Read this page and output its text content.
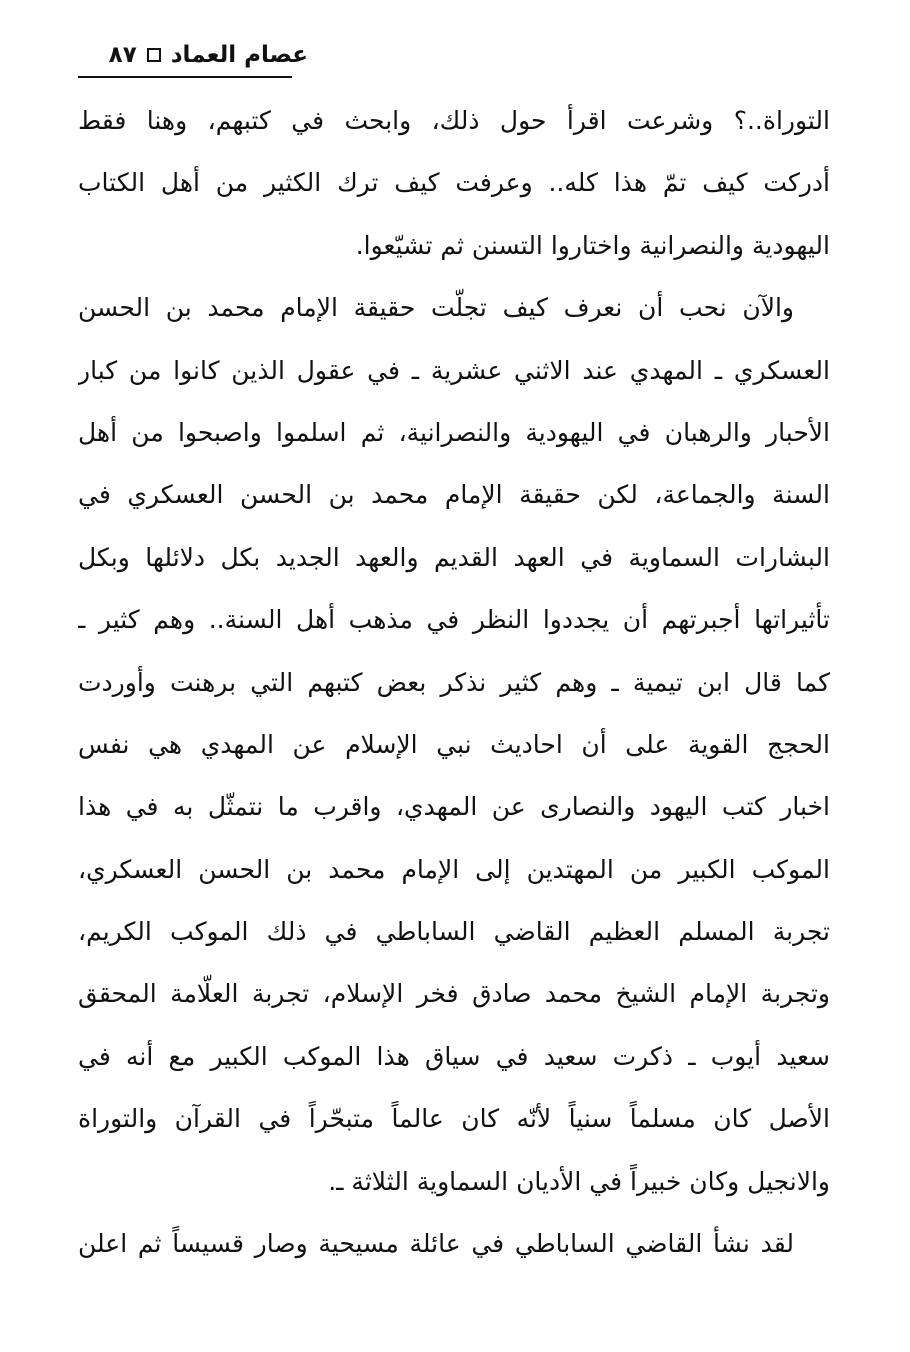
عصام العماد
٨٧
التوراة..؟ وشرعت اقرأ حول ذلك، وابحث في كتبهم، وهنا فقط
أدركت كيف تمّ هذا كله.. وعرفت كيف ترك الكثير من أهل الكتاب
اليهودية والنصرانية واختاروا التسنن ثم تشيّعوا.
والآن نحب أن نعرف كيف تجلّت حقيقة الإمام محمد بن الحسن
العسكري ـ المهدي عند الاثني عشرية ـ في عقول الذين كانوا من كبار
الأحبار والرهبان في اليهودية والنصرانية، ثم اسلموا واصبحوا من أهل
السنة والجماعة، لكن حقيقة الإمام محمد بن الحسن العسكري في
البشارات السماوية في العهد القديم والعهد الجديد بكل دلائلها وبكل
تأثيراتها أجبرتهم أن يجددوا النظر في مذهب أهل السنة.. وهم كثير ـ
كما قال ابن تيمية ـ وهم كثير نذكر بعض كتبهم التي برهنت وأوردت
الحجج القوية على أن احاديث نبي الإسلام عن المهدي هي نفس
اخبار كتب اليهود والنصارى عن المهدي، واقرب ما نتمثّل به في هذا
الموكب الكبير من المهتدين إلى الإمام محمد بن الحسن العسكري،
تجربة المسلم العظيم القاضي الساباطي في ذلك الموكب الكريم،
وتجربة الإمام الشيخ محمد صادق فخر الإسلام، تجربة العلّامة المحقق
سعيد أيوب ـ ذكرت سعيد في سياق هذا الموكب الكبير مع أنه في
الأصل كان مسلماً سنياً لأنّه كان عالماً متبحّراً في القرآن والتوراة
والانجيل وكان خبيراً في الأديان السماوية الثلاثة ـ.
لقد نشأ القاضي الساباطي في عائلة مسيحية وصار قسيساً ثم اعلن
